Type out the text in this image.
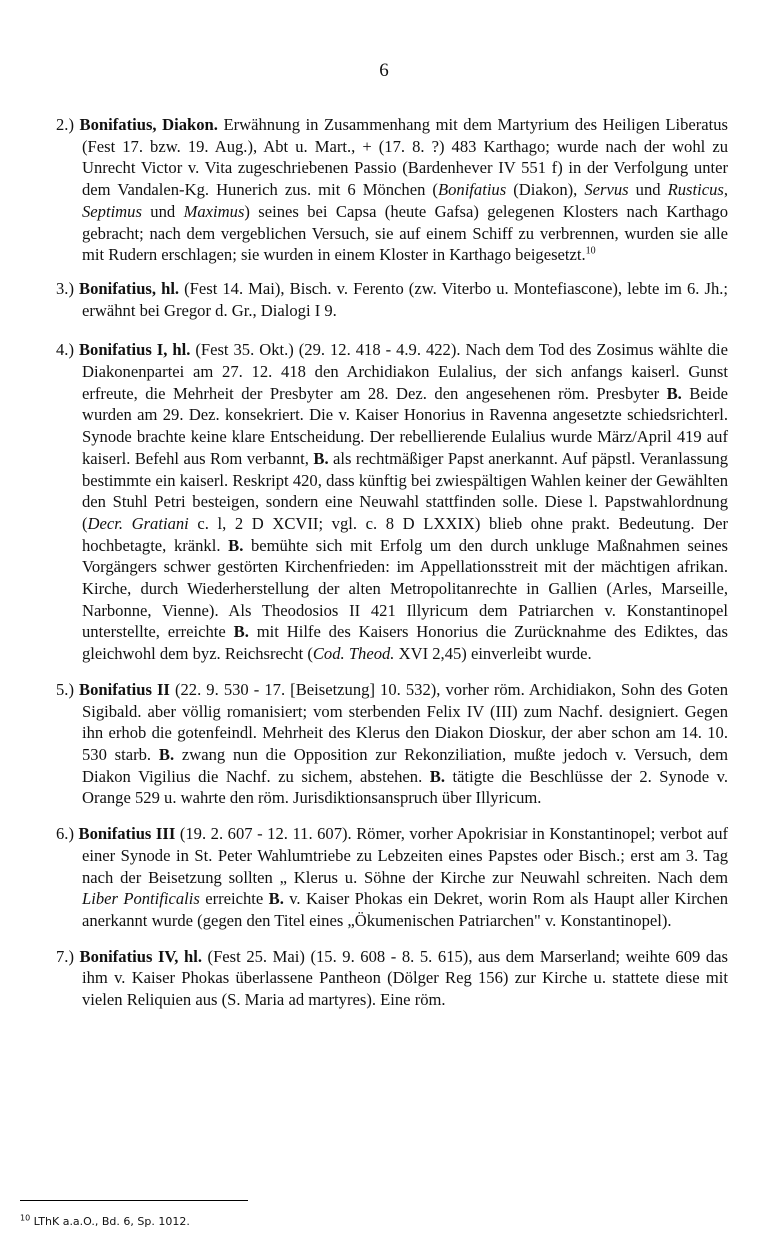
6

2.) Bonifatius, Diakon. Erwähnung in Zusammenhang mit dem Martyrium des Heiligen Liberatus (Fest 17. bzw. 19. Aug.), Abt u. Mart., + (17. 8. ?) 483 Karthago; wurde nach der wohl zu Unrecht Victor v. Vita zugeschriebenen Passio (Bardenhever IV 551 f) in der Verfolgung unter dem Vandalen-Kg. Hunerich zus. mit 6 Mönchen (Bonifatius (Diakon), Servus und Rusticus, Septimus und Maximus) seines bei Capsa (heute Gafsa) gelegenen Klosters nach Karthago gebracht; nach dem vergeblichen Versuch, sie auf einem Schiff zu verbrennen, wurden sie alle mit Rudern erschlagen; sie wurden in einem Kloster in Karthago beigesetzt.$^{10}$

3.) Bonifatius, hl. (Fest 14. Mai), Bisch. v. Ferento (zw. Viterbo u. Montefiascone), lebte im 6. Jh.; erwähnt bei Gregor d. Gr., Dialogi I 9.

4.) Bonifatius I, hl. (Fest 35. Okt.) (29. 12. 418 - 4.9. 422). Nach dem Tod des Zosimus wählte die Diakonenpartei am 27. 12. 418 den Archidiakon Eulalius, der sich anfangs kaiserl. Gunst erfreute, die Mehrheit der Presbyter am 28. Dez. den angesehenen röm. Presbyter B. Beide wurden am 29. Dez. konsekriert. Die v. Kaiser Honorius in Ravenna angesetzte schiedsrichterl. Synode brachte keine klare Entscheidung. Der rebellierende Eulalius wurde März/April 419 auf kaiserl. Befehl aus Rom verbannt, B. als rechtmäßiger Papst anerkannt. Auf päpstl. Veranlassung bestimmte ein kaiserl. Reskript 420, dass künftig bei zwiespältigen Wahlen keiner der Gewählten den Stuhl Petri besteigen, sondern eine Neuwahl stattfinden solle. Diese l. Papstwahlordnung (Decr. Gratiani c. l, 2 D XCVII; vgl. c. 8 D LXXIX) blieb ohne prakt. Bedeutung. Der hochbetagte, kränkl. B. bemühte sich mit Erfolg um den durch unkluge Maßnahmen seines Vorgängers schwer gestörten Kirchenfrieden: im Appellationsstreit mit der mächtigen afrikan. Kirche, durch Wiederherstellung der alten Metropolitanrechte in Gallien (Arles, Marseille, Narbonne, Vienne). Als Theodosios II 421 Illyricum dem Patriarchen v. Konstantinopel unterstellte, erreichte B. mit Hilfe des Kaisers Honorius die Zurücknahme des Ediktes, das gleichwohl dem byz. Reichsrecht (Cod. Theod. XVI 2,45) einverleibt wurde.

5.) Bonifatius II (22. 9. 530 - 17. [Beisetzung] 10. 532), vorher röm. Archidiakon, Sohn des Goten Sigibald. aber völlig romanisiert; vom sterbenden Felix IV (III) zum Nachf. designiert. Gegen ihn erhob die gotenfeindl. Mehrheit des Klerus den Diakon Dioskur, der aber schon am 14. 10. 530 starb. B. zwang nun die Opposition zur Rekonziliation, mußte jedoch v. Versuch, dem Diakon Vigilius die Nachf. zu sichem, abstehen. B. tätigte die Beschlüsse der 2. Synode v. Orange 529 u. wahrte den röm. Jurisdiktionsanspruch über Illyricum.

6.) Bonifatius III (19. 2. 607 - 12. 11. 607). Römer, vorher Apokrisiar in Konstantinopel; verbot auf einer Synode in St. Peter Wahlumtriebe zu Lebzeiten eines Papstes oder Bisch.; erst am 3. Tag nach der Beisetzung sollten „ Klerus u. Söhne der Kirche zur Neuwahl schreiten. Nach dem Liber Pontificalis erreichte B. v. Kaiser Phokas ein Dekret, worin Rom als Haupt aller Kirchen anerkannt wurde (gegen den Titel eines „Ökumenischen Patriarchen" v. Konstantinopel).

7.) Bonifatius IV, hl. (Fest 25. Mai) (15. 9. 608 - 8. 5. 615), aus dem Marserland; weihte 609 das ihm v. Kaiser Phokas überlassene Pantheon (Dölger Reg 156) zur Kirche u. stattete diese mit vielen Reliquien aus (S. Maria ad martyres). Eine röm.

$^{10}$ LThK a.a.O., Bd. 6, Sp. 1012.
